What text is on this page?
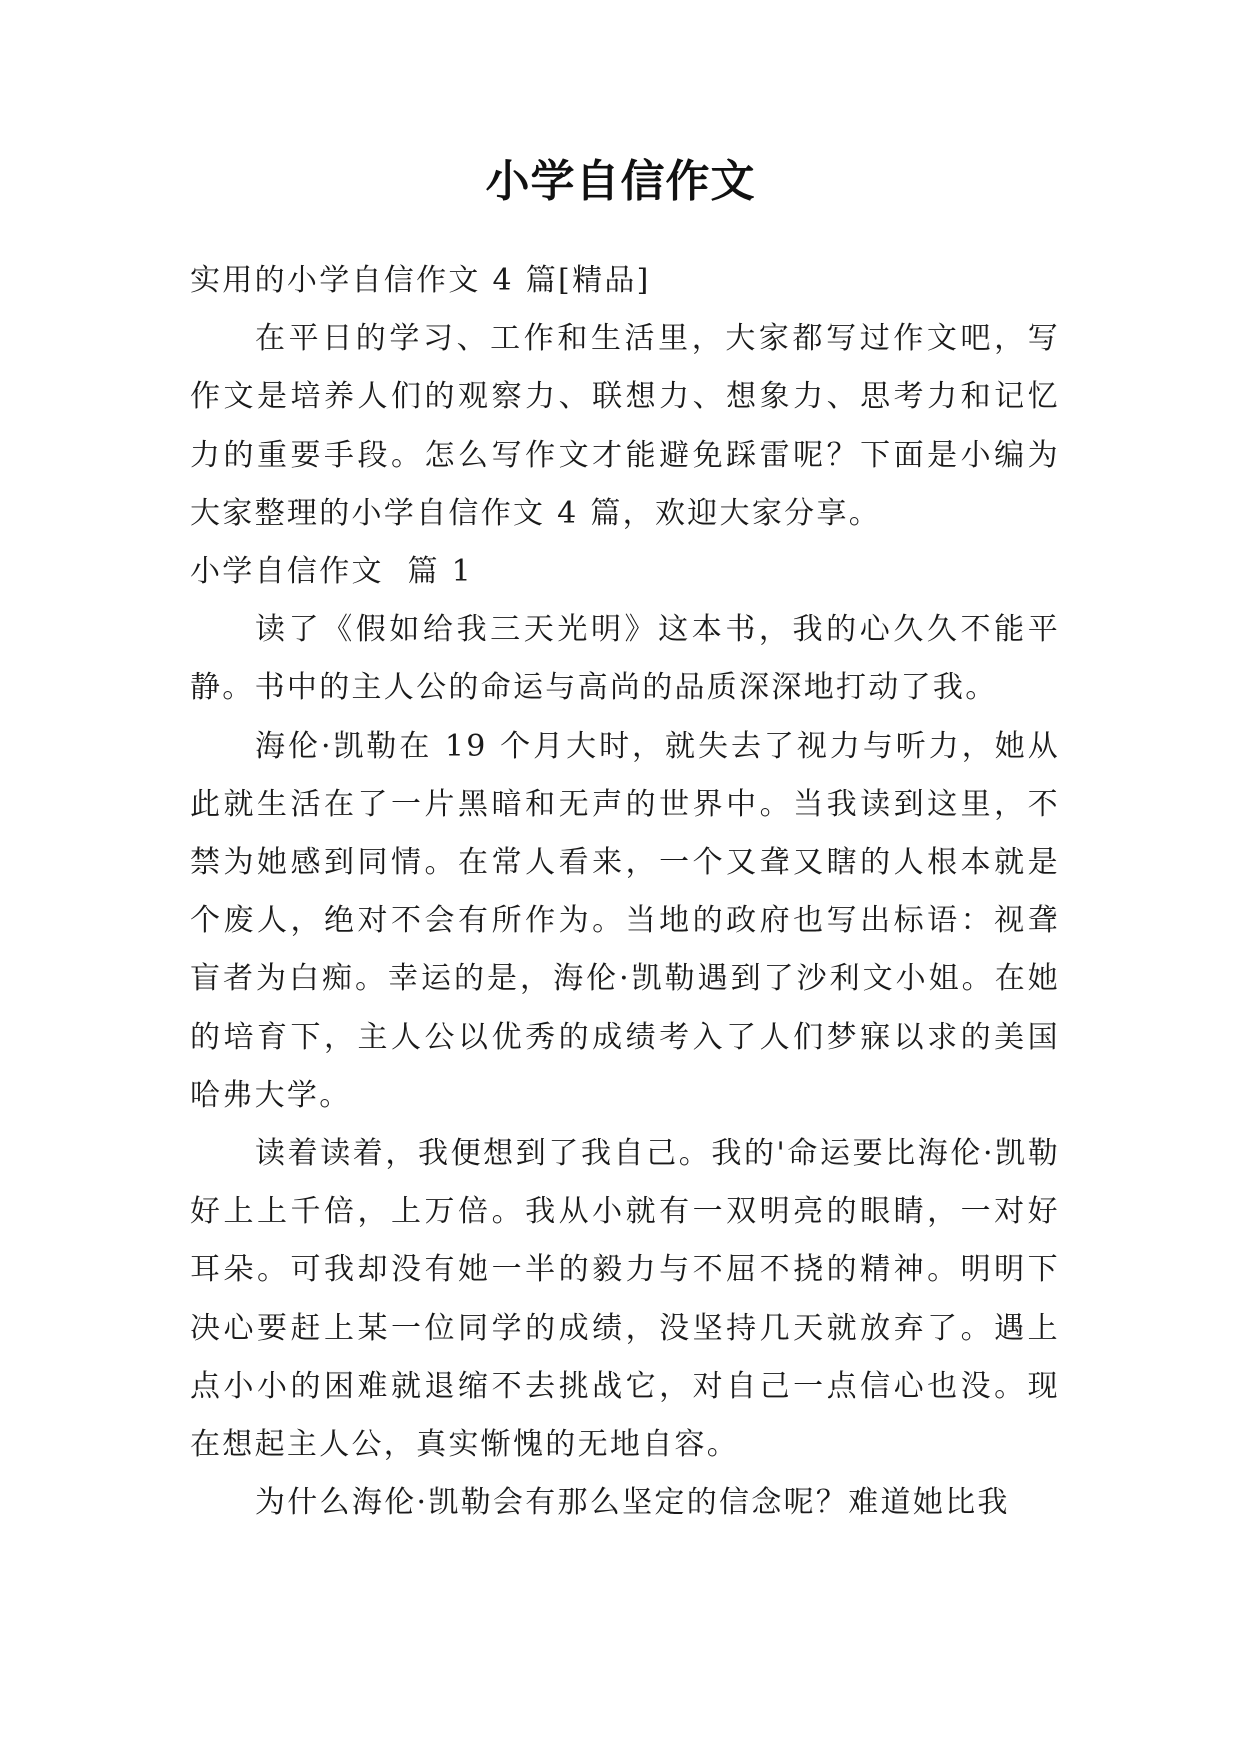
小学自信作文

实用的小学自信作文 4 篇[精品]

在平日的学习、工作和生活里，大家都写过作文吧，写作文是培养人们的观察力、联想力、想象力、思考力和记忆力的重要手段。怎么写作文才能避免踩雷呢？下面是小编为大家整理的小学自信作文 4 篇，欢迎大家分享。

小学自信作文  篇 1

读了《假如给我三天光明》这本书，我的心久久不能平静。书中的主人公的命运与高尚的品质深深地打动了我。

海伦·凯勒在 19 个月大时，就失去了视力与听力，她从此就生活在了一片黑暗和无声的世界中。当我读到这里，不禁为她感到同情。在常人看来，一个又聋又瞎的人根本就是个废人，绝对不会有所作为。当地的政府也写出标语：视聋盲者为白痴。幸运的是，海伦·凯勒遇到了沙利文小姐。在她的培育下，主人公以优秀的成绩考入了人们梦寐以求的美国哈弗大学。

读着读着，我便想到了我自己。我的'命运要比海伦·凯勒好上上千倍，上万倍。我从小就有一双明亮的眼睛，一对好耳朵。可我却没有她一半的毅力与不屈不挠的精神。明明下决心要赶上某一位同学的成绩，没坚持几天就放弃了。遇上点小小的困难就退缩不去挑战它，对自己一点信心也没。现在想起主人公，真实惭愧的无地自容。

为什么海伦·凯勒会有那么坚定的信念呢？难道她比我
